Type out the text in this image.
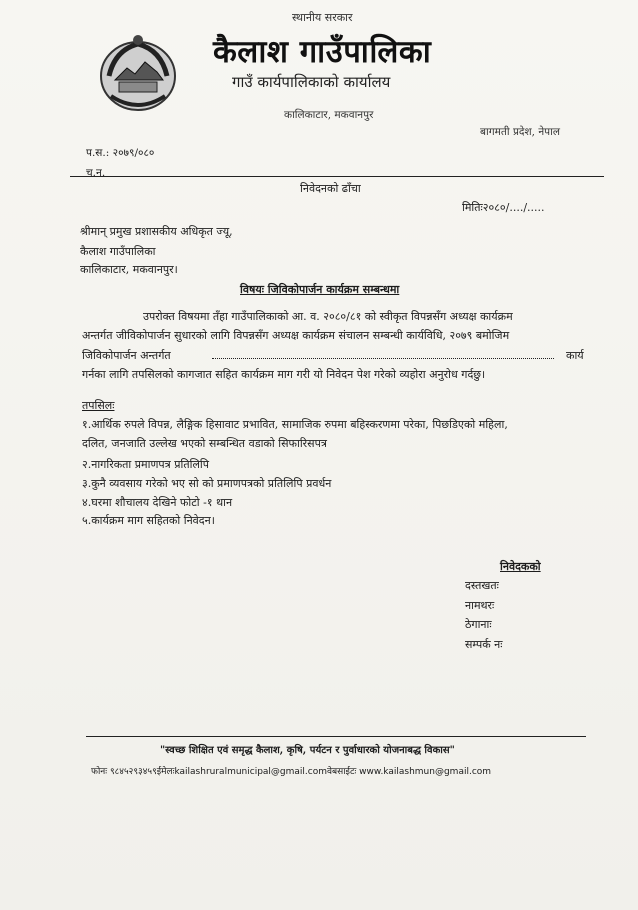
स्थानीय सरकार
कैलाश गाउँपालिका
गाउँ कार्यपालिकाको कार्यालय
कालिकाटार, मकवानपुर
बागमती प्रदेश, नेपाल
प.स.: २०७९/०८०
च.न.
निवेदनको ढाँचा
मितिः२०८०/..../.....
श्रीमान् प्रमुख प्रशासकीय अधिकृत ज्यू,
कैलाश गाउँपालिका
कालिकाटार, मकवानपुर।
विषयः जिविकोपार्जन कार्यक्रम सम्बन्धमा
उपरोक्त विषयमा तँहा गाउँपालिकाको आ. व. २०८०/८१ को स्वीकृत विपन्नसँग अध्यक्ष कार्यक्रम
अन्तर्गत जीविकोपार्जन सुधारको लागि विपन्नसँग अध्यक्ष कार्यक्रम संचालन सम्बन्धी कार्यविधि, २०७९ बमोजिम
जिविकोपार्जन अन्तर्गत	कार्य
गर्नका लागि तपसिलको कागजात सहित कार्यक्रम माग गरी यो निवेदन पेश गरेको व्यहोरा अनुरोध गर्दछु।
तपसिलः
१.आर्थिक रुपले विपन्न, लैङ्गिक हिसावाट प्रभावित, सामाजिक रुपमा बहिस्करणमा परेका, पिछडिएको महिला,
दलित, जनजाति उल्लेख भएको सम्बन्धित वडाको सिफारिसपत्र
२.नागरिकता प्रमाणपत्र प्रतिलिपि
३.कुनै व्यवसाय गरेको भए सो को प्रमाणपत्रको प्रतिलिपि प्रवर्धन
४.घरमा शौचालय देखिने फोटो -१ थान
५.कार्यक्रम माग सहितको निवेदन।
निवेदकको
दस्तखतः
नामथरः
ठेगानाः
सम्पर्क नः
"स्वच्छ शिक्षित एवं समृद्ध कैलाश, कृषि, पर्यटन र पुर्वाधारको योजनाबद्ध विकास"
फोनः ९८४५२९३४५९ईमेलःkailashruralmunicipal@gmail.comवेबसाईटः www.kailashmun@gmail.com
